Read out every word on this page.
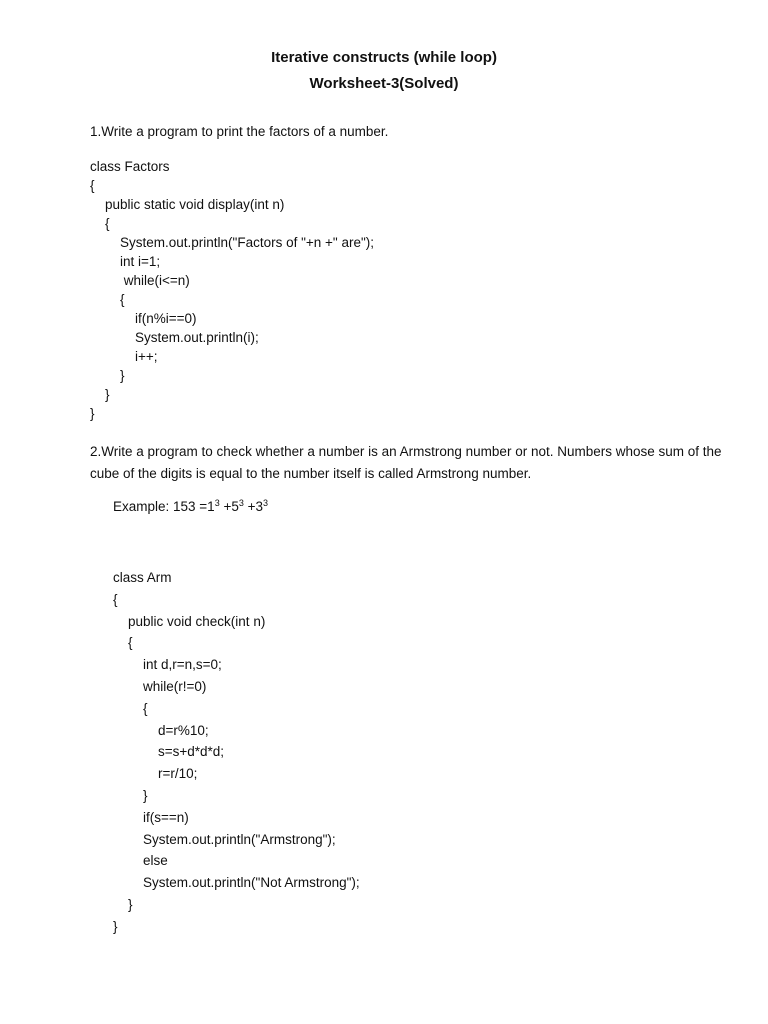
Iterative constructs (while loop)
Worksheet-3(Solved)
1.Write a program to print the factors of a number.
class Factors
{
public static void display(int n)
{
System.out.println("Factors of "+n +" are");
int i=1;
while(i<=n)
{
if(n%i==0)
System.out.println(i);
i++;
}
}
}
2.Write a program to check whether a number is an Armstrong number or not. Numbers whose sum of the cube of the digits is equal to the number itself is called Armstrong number.
Example: $153 =1^3 +5^3 +3^3$
class Arm
{
public void check(int n)
{
int d,r=n,s=0;
while(r!=0)
{
d=r%10;
s=s+d*d*d;
r=r/10;
}
if(s==n)
System.out.println("Armstrong");
else
System.out.println("Not Armstrong");
}
}
